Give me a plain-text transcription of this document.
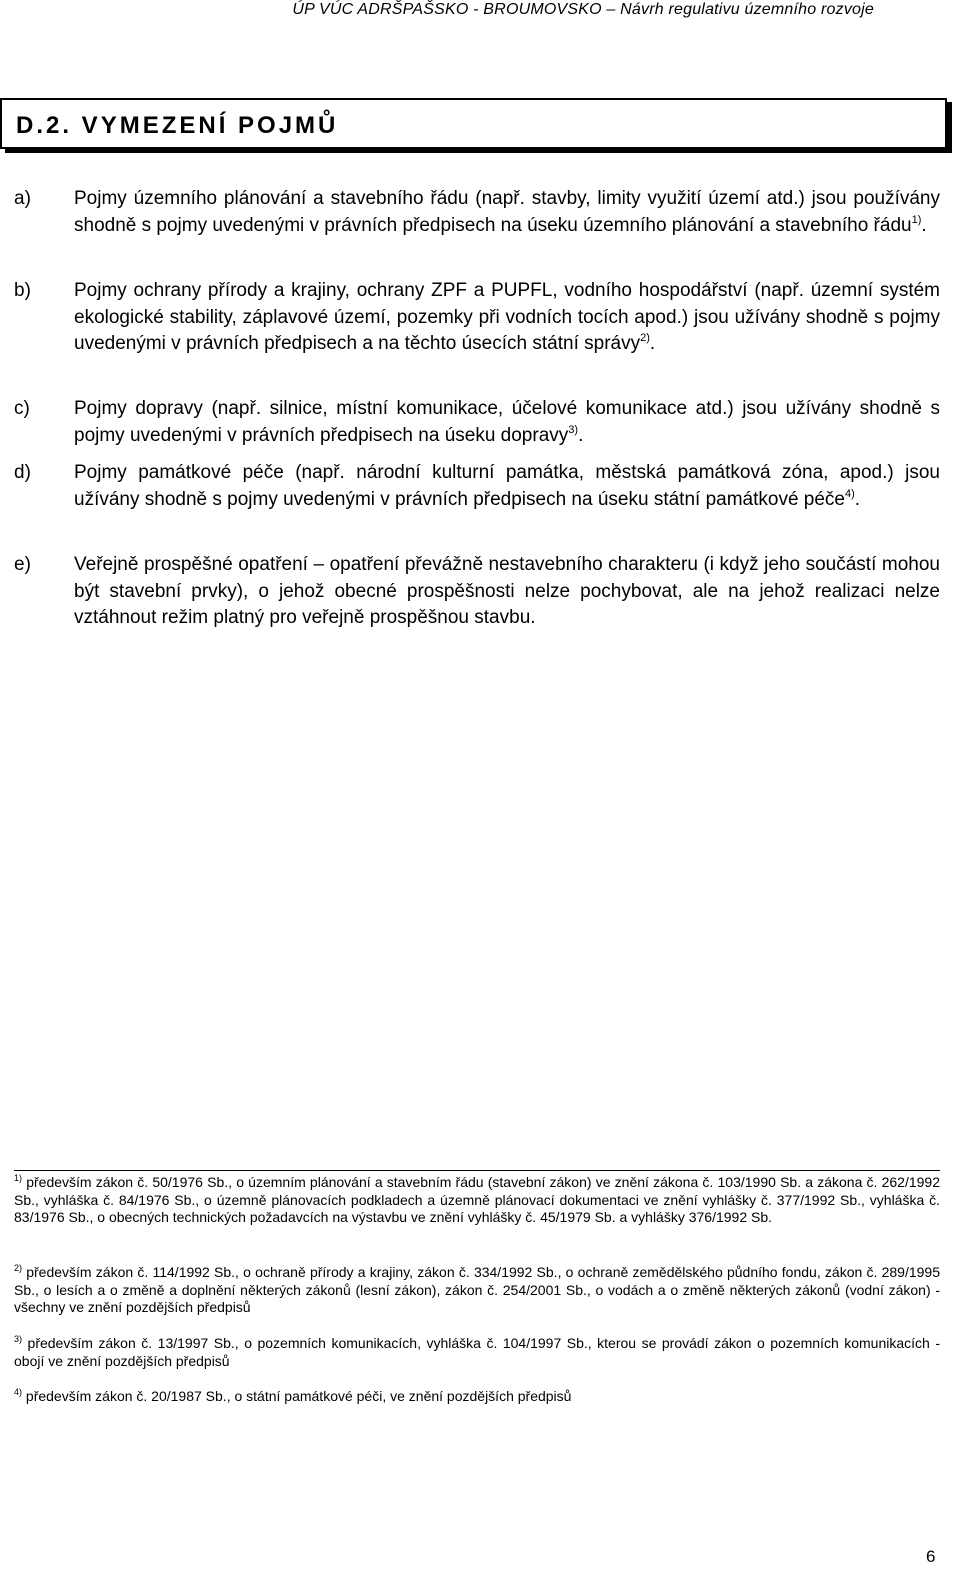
ÚP VÚC ADRŠPAŠSKO - BROUMOVSKO – Návrh regulativu územního rozvoje
D.2. VYMEZENÍ POJMŮ
a) Pojmy územního plánování a stavebního řádu (např. stavby, limity využití území atd.) jsou používány shodně s pojmy uvedenými v právních předpisech na úseku územního plánování a stavebního řádu$^{1)}$.
b) Pojmy ochrany přírody a krajiny, ochrany ZPF a PUPFL, vodního hospodářství (např. územní systém ekologické stability, záplavové území, pozemky při vodních tocích apod.) jsou užívány shodně s pojmy uvedenými v právních předpisech a na těchto úsecích státní správy$^{2)}$.
c) Pojmy dopravy (např. silnice, místní komunikace, účelové komunikace atd.) jsou užívány shodně s pojmy uvedenými v právních předpisech na úseku dopravy$^{3)}$.
d) Pojmy památkové péče (např. národní kulturní památka, městská památková zóna, apod.) jsou užívány shodně s pojmy uvedenými v právních předpisech na úseku státní památkové péče$^{4)}$.
e) Veřejně prospěšné opatření – opatření převážně nestavebního charakteru (i když jeho součástí mohou být stavební prvky), o jehož obecné prospěšnosti nelze pochybovat, ale na jehož realizaci nelze vztáhnout režim platný pro veřejně prospěšnou stavbu.
$^{1)}$ především zákon č. 50/1976 Sb., o územním plánování a stavebním řádu (stavební zákon) ve znění zákona č. 103/1990 Sb. a zákona č. 262/1992 Sb., vyhláška č. 84/1976 Sb., o územně plánovacích podkladech a územně plánovací dokumentaci ve znění vyhlášky č. 377/1992 Sb., vyhláška č. 83/1976 Sb., o obecných technických požadavcích na výstavbu ve znění vyhlášky č. 45/1979 Sb. a vyhlášky 376/1992 Sb.
$^{2)}$ především zákon č. 114/1992 Sb., o ochraně přírody a krajiny, zákon č. 334/1992 Sb., o ochraně zemědělského půdního fondu, zákon č. 289/1995 Sb., o lesích a o změně a doplnění některých zákonů (lesní zákon), zákon č. 254/2001 Sb., o vodách a o změně některých zákonů (vodní zákon) - všechny ve znění pozdějších předpisů
$^{3)}$ především zákon č. 13/1997 Sb., o pozemních komunikacích, vyhláška č. 104/1997 Sb., kterou se provádí zákon o pozemních komunikacích - obojí ve znění pozdějších předpisů
$^{4)}$ především zákon č. 20/1987 Sb., o státní památkové péči, ve znění pozdějších předpisů
6
